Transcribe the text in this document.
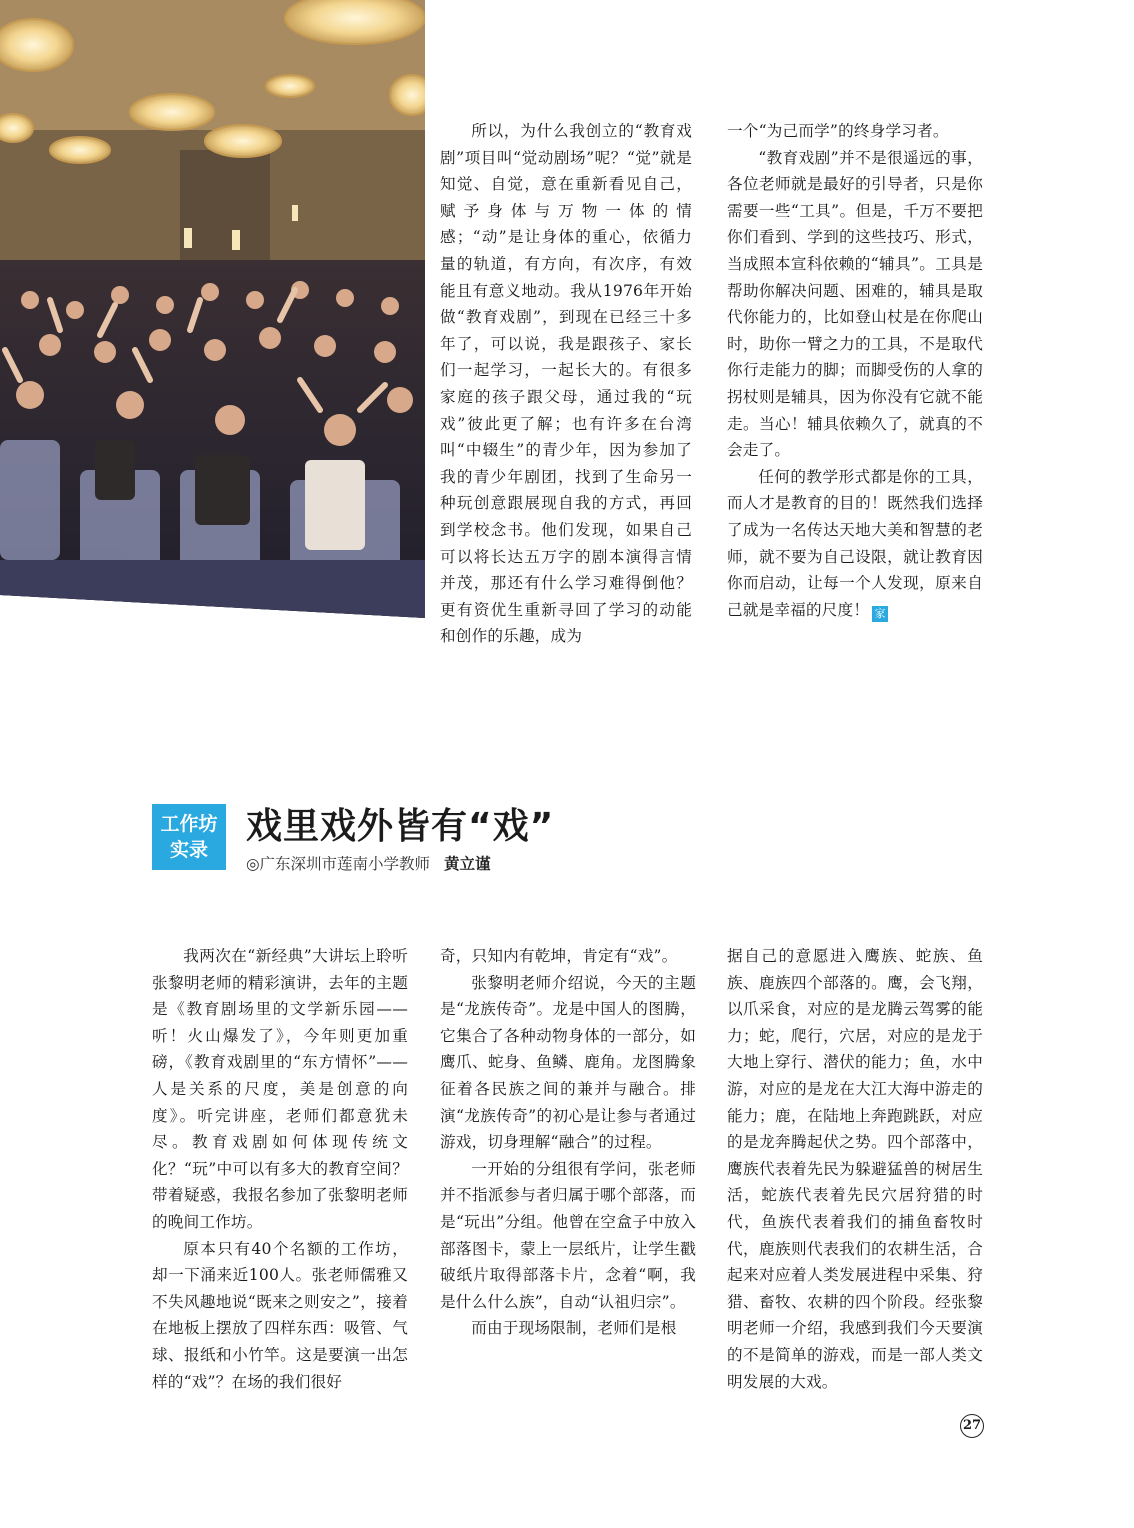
所以，为什么我创立的“教育戏剧”项目叫“觉动剧场”呢？“觉”就是知觉、自觉，意在重新看见自己，赋予身体与万物一体的情感；“动”是让身体的重心，依循力量的轨道，有方向，有次序，有效能且有意义地动。我从1976年开始做“教育戏剧”，到现在已经三十多年了，可以说，我是跟孩子、家长们一起学习，一起长大的。有很多家庭的孩子跟父母，通过我的“玩戏”彼此更了解；也有许多在台湾叫“中辍生”的青少年，因为参加了我的青少年剧团，找到了生命另一种玩创意跟展现自我的方式，再回到学校念书。他们发现，如果自己可以将长达五万字的剧本演得言情并茂，那还有什么学习难得倒他？更有资优生重新寻回了学习的动能和创作的乐趣，成为

一个“为己而学”的终身学习者。

“教育戏剧”并不是很遥远的事，各位老师就是最好的引导者，只是你需要一些“工具”。但是，千万不要把你们看到、学到的这些技巧、形式，当成照本宣科依赖的“辅具”。工具是帮助你解决问题、困难的，辅具是取代你能力的，比如登山杖是在你爬山时，助你一臂之力的工具，不是取代你行走能力的脚；而脚受伤的人拿的拐杖则是辅具，因为你没有它就不能走。当心！辅具依赖久了，就真的不会走了。

任何的教学形式都是你的工具，而人才是教育的目的！既然我们选择了成为一名传达天地大美和智慧的老师，就不要为自己设限，就让教育因你而启动，让每一个人发现，原来自己就是幸福的尺度！ 家

工作坊
实录
戏里戏外皆有“戏”
◎广东深圳市莲南小学教师 黄立谨

我两次在“新经典”大讲坛上聆听张黎明老师的精彩演讲，去年的主题是《教育剧场里的文学新乐园——听！火山爆发了》，今年则更加重磅，《教育戏剧里的“东方情怀”——人是关系的尺度，美是创意的向度》。听完讲座，老师们都意犹未尽。教育戏剧如何体现传统文化？“玩”中可以有多大的教育空间？带着疑惑，我报名参加了张黎明老师的晚间工作坊。

原本只有40个名额的工作坊，却一下涌来近100人。张老师儒雅又不失风趣地说“既来之则安之”，接着在地板上摆放了四样东西：吸管、气球、报纸和小竹竿。这是要演一出怎样的“戏”？在场的我们很好

奇，只知内有乾坤，肯定有“戏”。

张黎明老师介绍说，今天的主题是“龙族传奇”。龙是中国人的图腾，它集合了各种动物身体的一部分，如鹰爪、蛇身、鱼鳞、鹿角。龙图腾象征着各民族之间的兼并与融合。排演“龙族传奇”的初心是让参与者通过游戏，切身理解“融合”的过程。

一开始的分组很有学问，张老师并不指派参与者归属于哪个部落，而是“玩出”分组。他曾在空盒子中放入部落图卡，蒙上一层纸片，让学生戳破纸片取得部落卡片，念着“啊，我是什么什么族”，自动“认祖归宗”。

而由于现场限制，老师们是根

据自己的意愿进入鹰族、蛇族、鱼族、鹿族四个部落的。鹰，会飞翔，以爪采食，对应的是龙腾云驾雾的能力；蛇，爬行，穴居，对应的是龙于大地上穿行、潜伏的能力；鱼，水中游，对应的是龙在大江大海中游走的能力；鹿，在陆地上奔跑跳跃，对应的是龙奔腾起伏之势。四个部落中，鹰族代表着先民为躲避猛兽的树居生活，蛇族代表着先民穴居狩猎的时代，鱼族代表着我们的捕鱼畜牧时代，鹿族则代表我们的农耕生活，合起来对应着人类发展进程中采集、狩猎、畜牧、农耕的四个阶段。经张黎明老师一介绍，我感到我们今天要演的不是简单的游戏，而是一部人类文明发展的大戏。

27
